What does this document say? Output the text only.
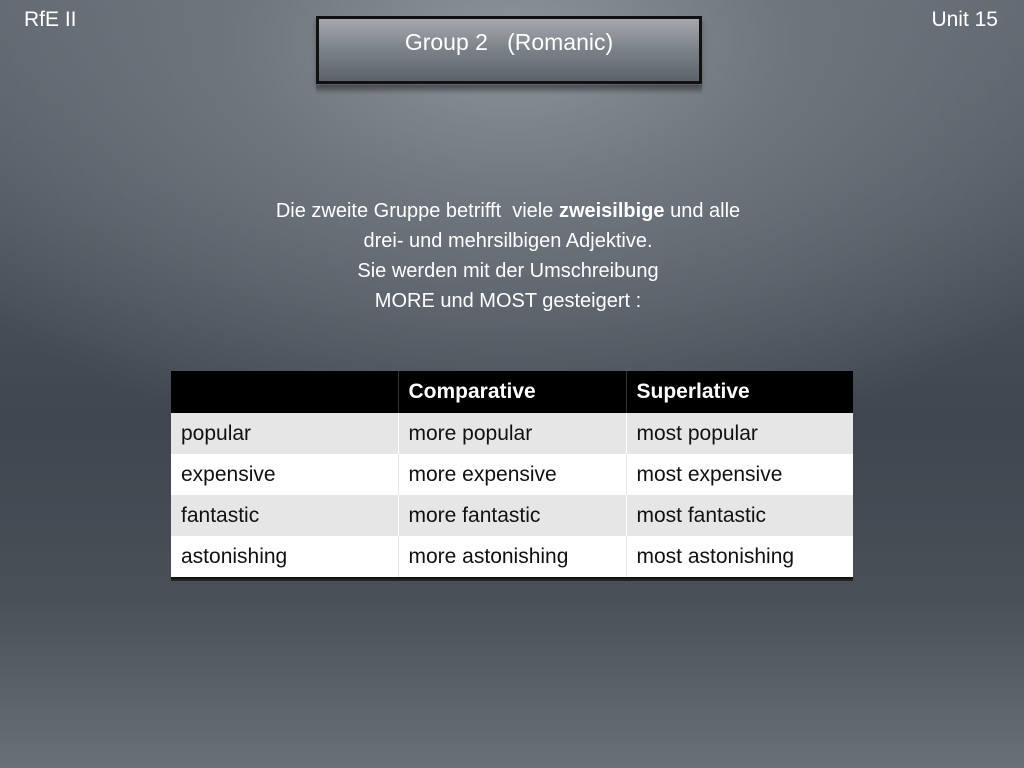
RfE II	Unit 15
Group 2   (Romanic)
Die zweite Gruppe betrifft  viele zweisilbige und alle
drei- und mehrsilbigen Adjektive.
Sie werden mit der Umschreibung
MORE und MOST gesteigert :
	Comparative	Superlative
popular	more popular	most popular
expensive	more expensive	most expensive
fantastic	more fantastic	most fantastic
astonishing	more astonishing	most astonishing
